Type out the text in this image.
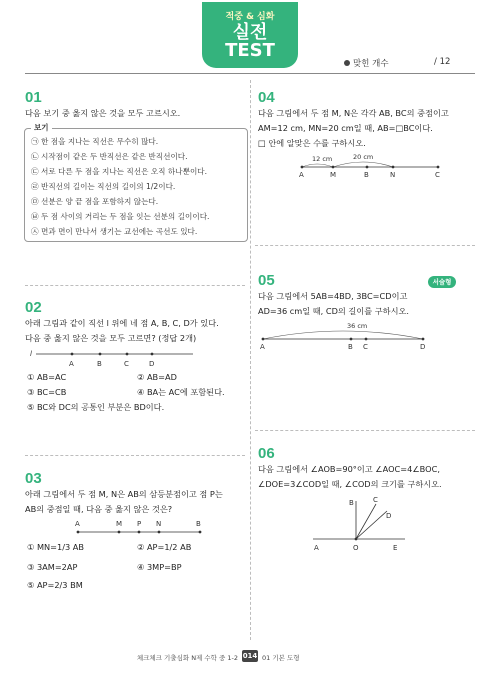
적중 & 심화
실전
TEST
맞힌 개수	/ 12
01
다음 보기 중 옳지 않은 것을 모두 고르시오.
보기
㉠ 한 점을 지나는 직선은 무수히 많다.
㉡ 시작점이 같은 두 반직선은 같은 반직선이다.
㉢ 서로 다른 두 점을 지나는 직선은 오직 하나뿐이다.
㉣ 반직선의 길이는 직선의 길이의 1/2이다.
㉤ 선분은 양 끝 점을 포함하지 않는다.
㉥ 두 점 사이의 거리는 두 점을 잇는 선분의 길이이다.
㉦ 면과 면이 만나서 생기는 교선에는 곡선도 있다.
02
아래 그림과 같이 직선 l 위에 네 점 A, B, C, D가 있다.
다음 중 옳지 않은 것을 모두 고르면? (정답 2개)
l
A	B	C	D
① AB=AC	② AB=AD
③ BC=CB	④ BA는 AC에 포함된다.
⑤ BC와 DC의 공통인 부분은 BD이다.
03
아래 그림에서 두 점 M, N은 AB의 삼등분점이고 점 P는
AB의 중점일 때, 다음 중 옳지 않은 것은?
A	M P N	B
① MN=1/3 AB	② AP=1/2 AB
③ 3AM=2AP	④ 3MP=BP
⑤ AP=2/3 BM
04
다음 그림에서 두 점 M, N은 각각 AB, BC의 중점이고
AM=12 cm, MN=20 cm일 때, AB=□BC이다.
□ 안에 알맞은 수를 구하시오.
12 cm	20 cm
A	M	B	N	C
서술형
05
다음 그림에서 5AB=4BD, 3BC=CD이고
AD=36 cm일 때, CD의 길이를 구하시오.
36 cm
A	B C	D
06
다음 그림에서 ∠AOB=90°이고 ∠AOC=4∠BOC,
∠DOE=3∠COD일 때, ∠COD의 크기를 구하시오.
B	C
D
A	O	E
체크체크 기출심화 N제 수학 중 1-2 014 01 기본 도형
